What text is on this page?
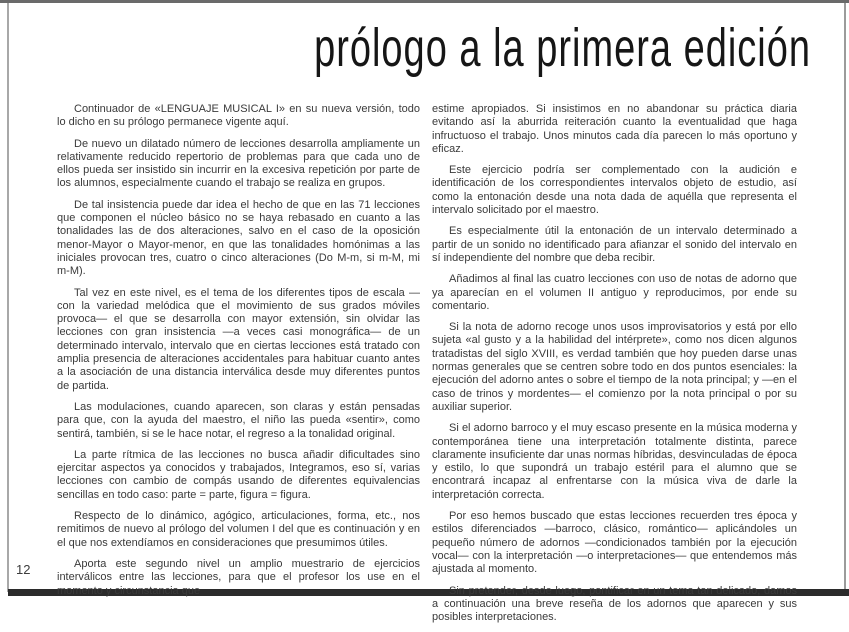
prólogo a la primera edición

Continuador de «LENGUAJE MUSICAL I» en su nueva versión, todo lo dicho en su prólogo permanece vigente aquí.

De nuevo un dilatado número de lecciones desarrolla ampliamente un relativamente reducido repertorio de problemas para que cada uno de ellos pueda ser insistido sin incurrir en la excesiva repetición por parte de los alumnos, especialmente cuando el trabajo se realiza en grupos.

De tal insistencia puede dar idea el hecho de que en las 71 lecciones que componen el núcleo básico no se haya rebasado en cuanto a las tonalidades las de dos alteraciones, salvo en el caso de la oposición menor-Mayor o Mayor-menor, en que las tonalidades homónimas a las iniciales provocan tres, cuatro o cinco alteraciones (Do M-m, si m-M, mi m-M).

Tal vez en este nivel, es el tema de los diferentes tipos de escala —con la variedad melódica que el movimiento de sus grados móviles provoca— el que se desarrolla con mayor extensión, sin olvidar las lecciones con gran insistencia —a veces casi monográfica— de un determinado intervalo, intervalo que en ciertas lecciones está tratado con amplia presencia de alteraciones accidentales para habituar cuanto antes a la asociación de una distancia interválica desde muy diferentes puntos de partida.

Las modulaciones, cuando aparecen, son claras y están pensadas para que, con la ayuda del maestro, el niño las pueda «sentir», como sentirá, también, si se le hace notar, el regreso a la tonalidad original.

La parte rítmica de las lecciones no busca añadir dificultades sino ejercitar aspectos ya conocidos y trabajados, Integramos, eso sí, varias lecciones con cambio de compás usando de diferentes equivalencias sencillas en todo caso: parte = parte, figura = figura.

Respecto de lo dinámico, agógico, articulaciones, forma, etc., nos remitimos de nuevo al prólogo del volumen I del que es continuación y en el que nos extendíamos en consideraciones que presumimos útiles.

Aporta este segundo nivel un amplio muestrario de ejercicios interválicos entre las lecciones, para que el profesor los use en el momento y circunstancia que

estime apropiados. Si insistimos en no abandonar su práctica diaria evitando así la aburrida reiteración cuanto la eventualidad que haga infructuoso el trabajo. Unos minutos cada día parecen lo más oportuno y eficaz.

Este ejercicio podría ser complementado con la audición e identificación de los correspondientes intervalos objeto de estudio, así como la entonación desde una nota dada de aquélla que representa el intervalo solicitado por el maestro.

Es especialmente útil la entonación de un intervalo determinado a partir de un sonido no identificado para afianzar el sonido del intervalo en sí independiente del nombre que deba recibir.

Añadimos al final las cuatro lecciones con uso de notas de adorno que ya aparecían en el volumen II antiguo y reproducimos, por ende su comentario.

Si la nota de adorno recoge unos usos improvisatorios y está por ello sujeta «al gusto y a la habilidad del intérprete», como nos dicen algunos tratadistas del siglo XVIII, es verdad también que hoy pueden darse unas normas generales que se centren sobre todo en dos puntos esenciales: la ejecución del adorno antes o sobre el tiempo de la nota principal; y —en el caso de trinos y mordentes— el comienzo por la nota principal o por su auxiliar superior.

Si el adorno barroco y el muy escaso presente en la música moderna y contemporánea tiene una interpretación totalmente distinta, parece claramente insuficiente dar unas normas híbridas, desvinculadas de época y estilo, lo que supondrá un trabajo estéril para el alumno que se encontrará incapaz al enfrentarse con la música viva de darle la interpretación correcta.

Por eso hemos buscado que estas lecciones recuerden tres época y estilos diferenciados —barroco, clásico, romántico— aplicándoles un pequeño número de adornos —condicionados también por la ejecución vocal— con la interpretación —o interpretaciones— que entendemos más ajustada al momento.

Sin pretender, desde luego, pontificar en un tema tan delicado, damos a continuación una breve reseña de los adornos que aparecen y sus posibles interpretaciones.

12
